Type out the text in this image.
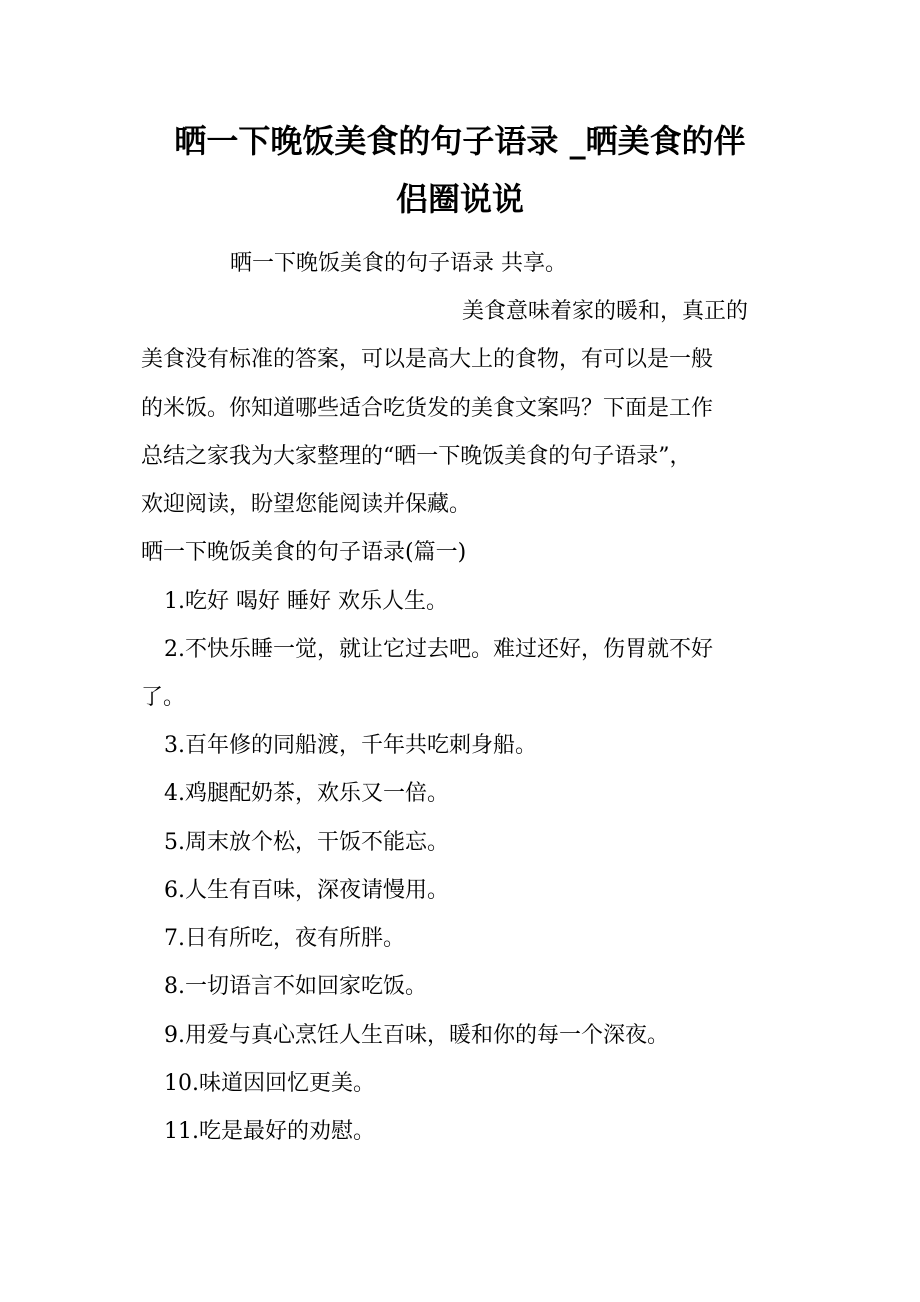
晒一下晚饭美食的句子语录 _晒美食的伴
侣圈说说

晒一下晚饭美食的句子语录 共享。

美食意味着家的暖和，真正的

美食没有标准的答案，可以是高大上的食物，有可以是一般

的米饭。你知道哪些适合吃货发的美食文案吗？下面是工作

总结之家我为大家整理的“晒一下晚饭美食的句子语录”，

欢迎阅读，盼望您能阅读并保藏。

晒一下晚饭美食的句子语录(篇一)

1.吃好 喝好 睡好 欢乐人生。

2.不快乐睡一觉，就让它过去吧。难过还好，伤胃就不好

了。

3.百年修的同船渡，千年共吃刺身船。

4.鸡腿配奶茶，欢乐又一倍。

5.周末放个松，干饭不能忘。

6.人生有百味，深夜请慢用。

7.日有所吃，夜有所胖。

8.一切语言不如回家吃饭。

9.用爱与真心烹饪人生百味，暖和你的每一个深夜。

10.味道因回忆更美。

11.吃是最好的劝慰。
